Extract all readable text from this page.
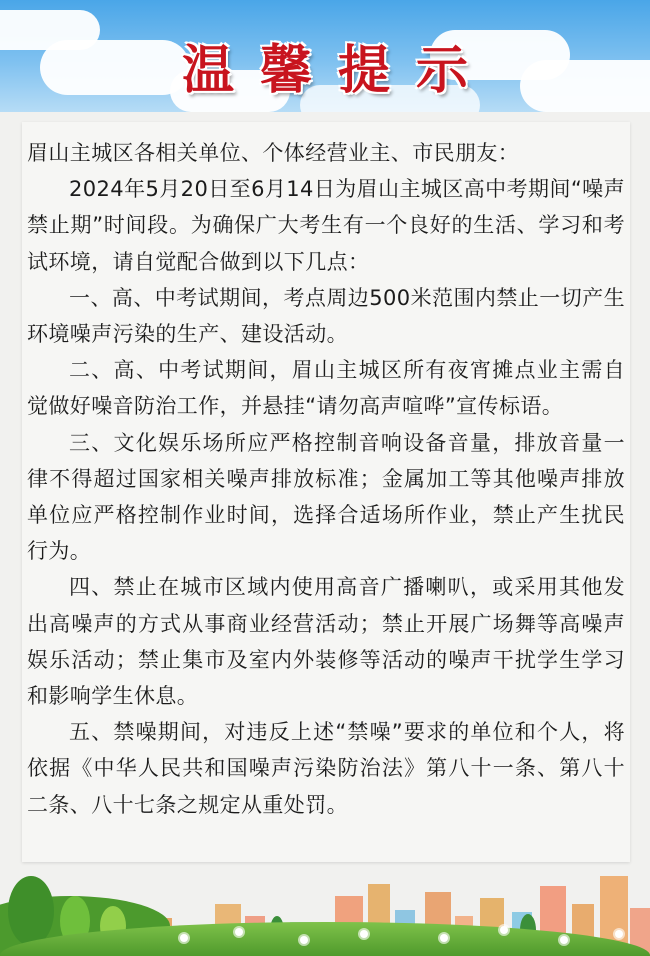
温馨提示

眉山主城区各相关单位、个体经营业主、市民朋友：

2024年5月20日至6月14日为眉山主城区高中考期间“噪声禁止期”时间段。为确保广大考生有一个良好的生活、学习和考试环境，请自觉配合做到以下几点：

一、高、中考试期间，考点周边500米范围内禁止一切产生环境噪声污染的生产、建设活动。

二、高、中考试期间，眉山主城区所有夜宵摊点业主需自觉做好噪音防治工作，并悬挂“请勿高声喧哗”宣传标语。

三、文化娱乐场所应严格控制音响设备音量，排放音量一律不得超过国家相关噪声排放标准；金属加工等其他噪声排放单位应严格控制作业时间，选择合适场所作业，禁止产生扰民行为。

四、禁止在城市区域内使用高音广播喇叭，或采用其他发出高噪声的方式从事商业经营活动；禁止开展广场舞等高噪声娱乐活动；禁止集市及室内外装修等活动的噪声干扰学生学习和影响学生休息。

五、禁噪期间，对违反上述“禁噪”要求的单位和个人，将依据《中华人民共和国噪声污染防治法》第八十一条、第八十二条、八十七条之规定从重处罚。
